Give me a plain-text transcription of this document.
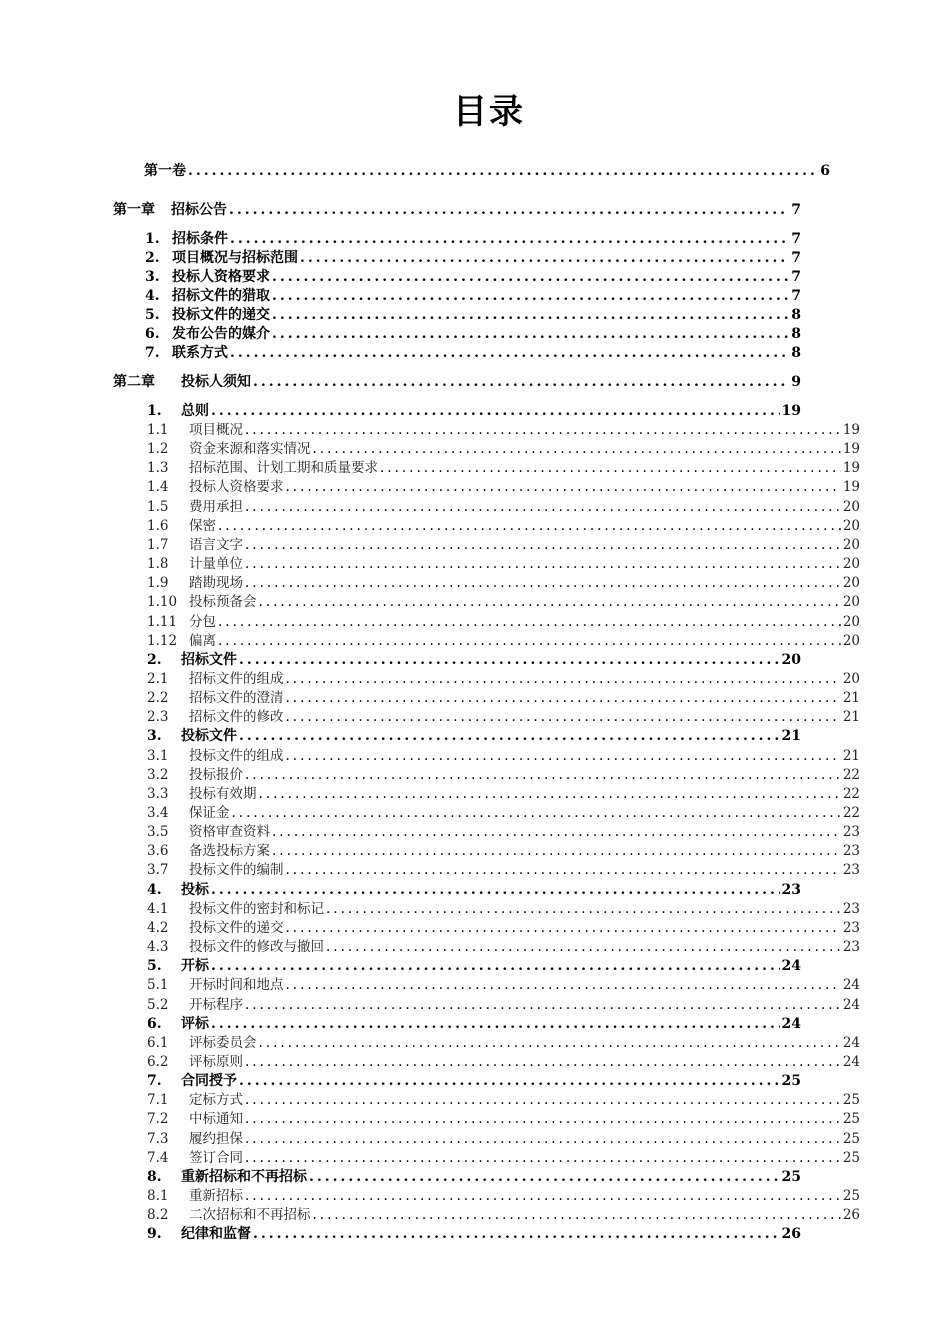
目录
第一卷 .....	6
第一章	招标公告 .....	7
1. 招标条件 .....	7
2. 项目概况与招标范围 .....	7
3. 投标人资格要求 .....	7
4. 招标文件的猎取 .....	7
5. 投标文件的递交 .....	8
6. 发布公告的媒介 .....	8
7. 联系方式 .....	8
第二章	投标人须知 .....	9
1.	总则 .....	19
1.1	项目概况 .....	19
1.2	资金来源和落实情况 .....	19
1.3	招标范围、计划工期和质量要求 .....	19
1.4	投标人资格要求 .....	19
1.5	费用承担 .....	20
1.6	保密 .....	20
1.7	语言文字 .....	20
1.8	计量单位 .....	20
1.9	踏勘现场 .....	20
1.10 投标预备会 .....	20
1.11 分包 .....	20
1.12 偏离 .....	20
2.	招标文件 .....	20
2.1	招标文件的组成 .....	20
2.2	招标文件的澄清 .....	21
2.3	招标文件的修改 .....	21
3.	投标文件 .....	21
3.1	投标文件的组成 .....	21
3.2	投标报价 .....	22
3.3	投标有效期 .....	22
3.4	保证金 .....	22
3.5	资格审查资料 .....	23
3.6	备选投标方案 .....	23
3.7	投标文件的编制 .....	23
4.	投标 .....	23
4.1	投标文件的密封和标记 .....	23
4.2	投标文件的递交 .....	23
4.3	投标文件的修改与撤回 .....	23
5.	开标 .....	24
5.1	开标时间和地点 .....	24
5.2	开标程序 .....	24
6.	评标 .....	24
6.1	评标委员会 .....	24
6.2	评标原则 .....	24
7.	合同授予 .....	25
7.1	定标方式 .....	25
7.2	中标通知 .....	25
7.3	履约担保 .....	25
7.4	签订合同 .....	25
8.	重新招标和不再招标 .....	25
8.1	重新招标 .....	25
8.2	二次招标和不再招标 .....	26
9.	纪律和监督 .....	26
